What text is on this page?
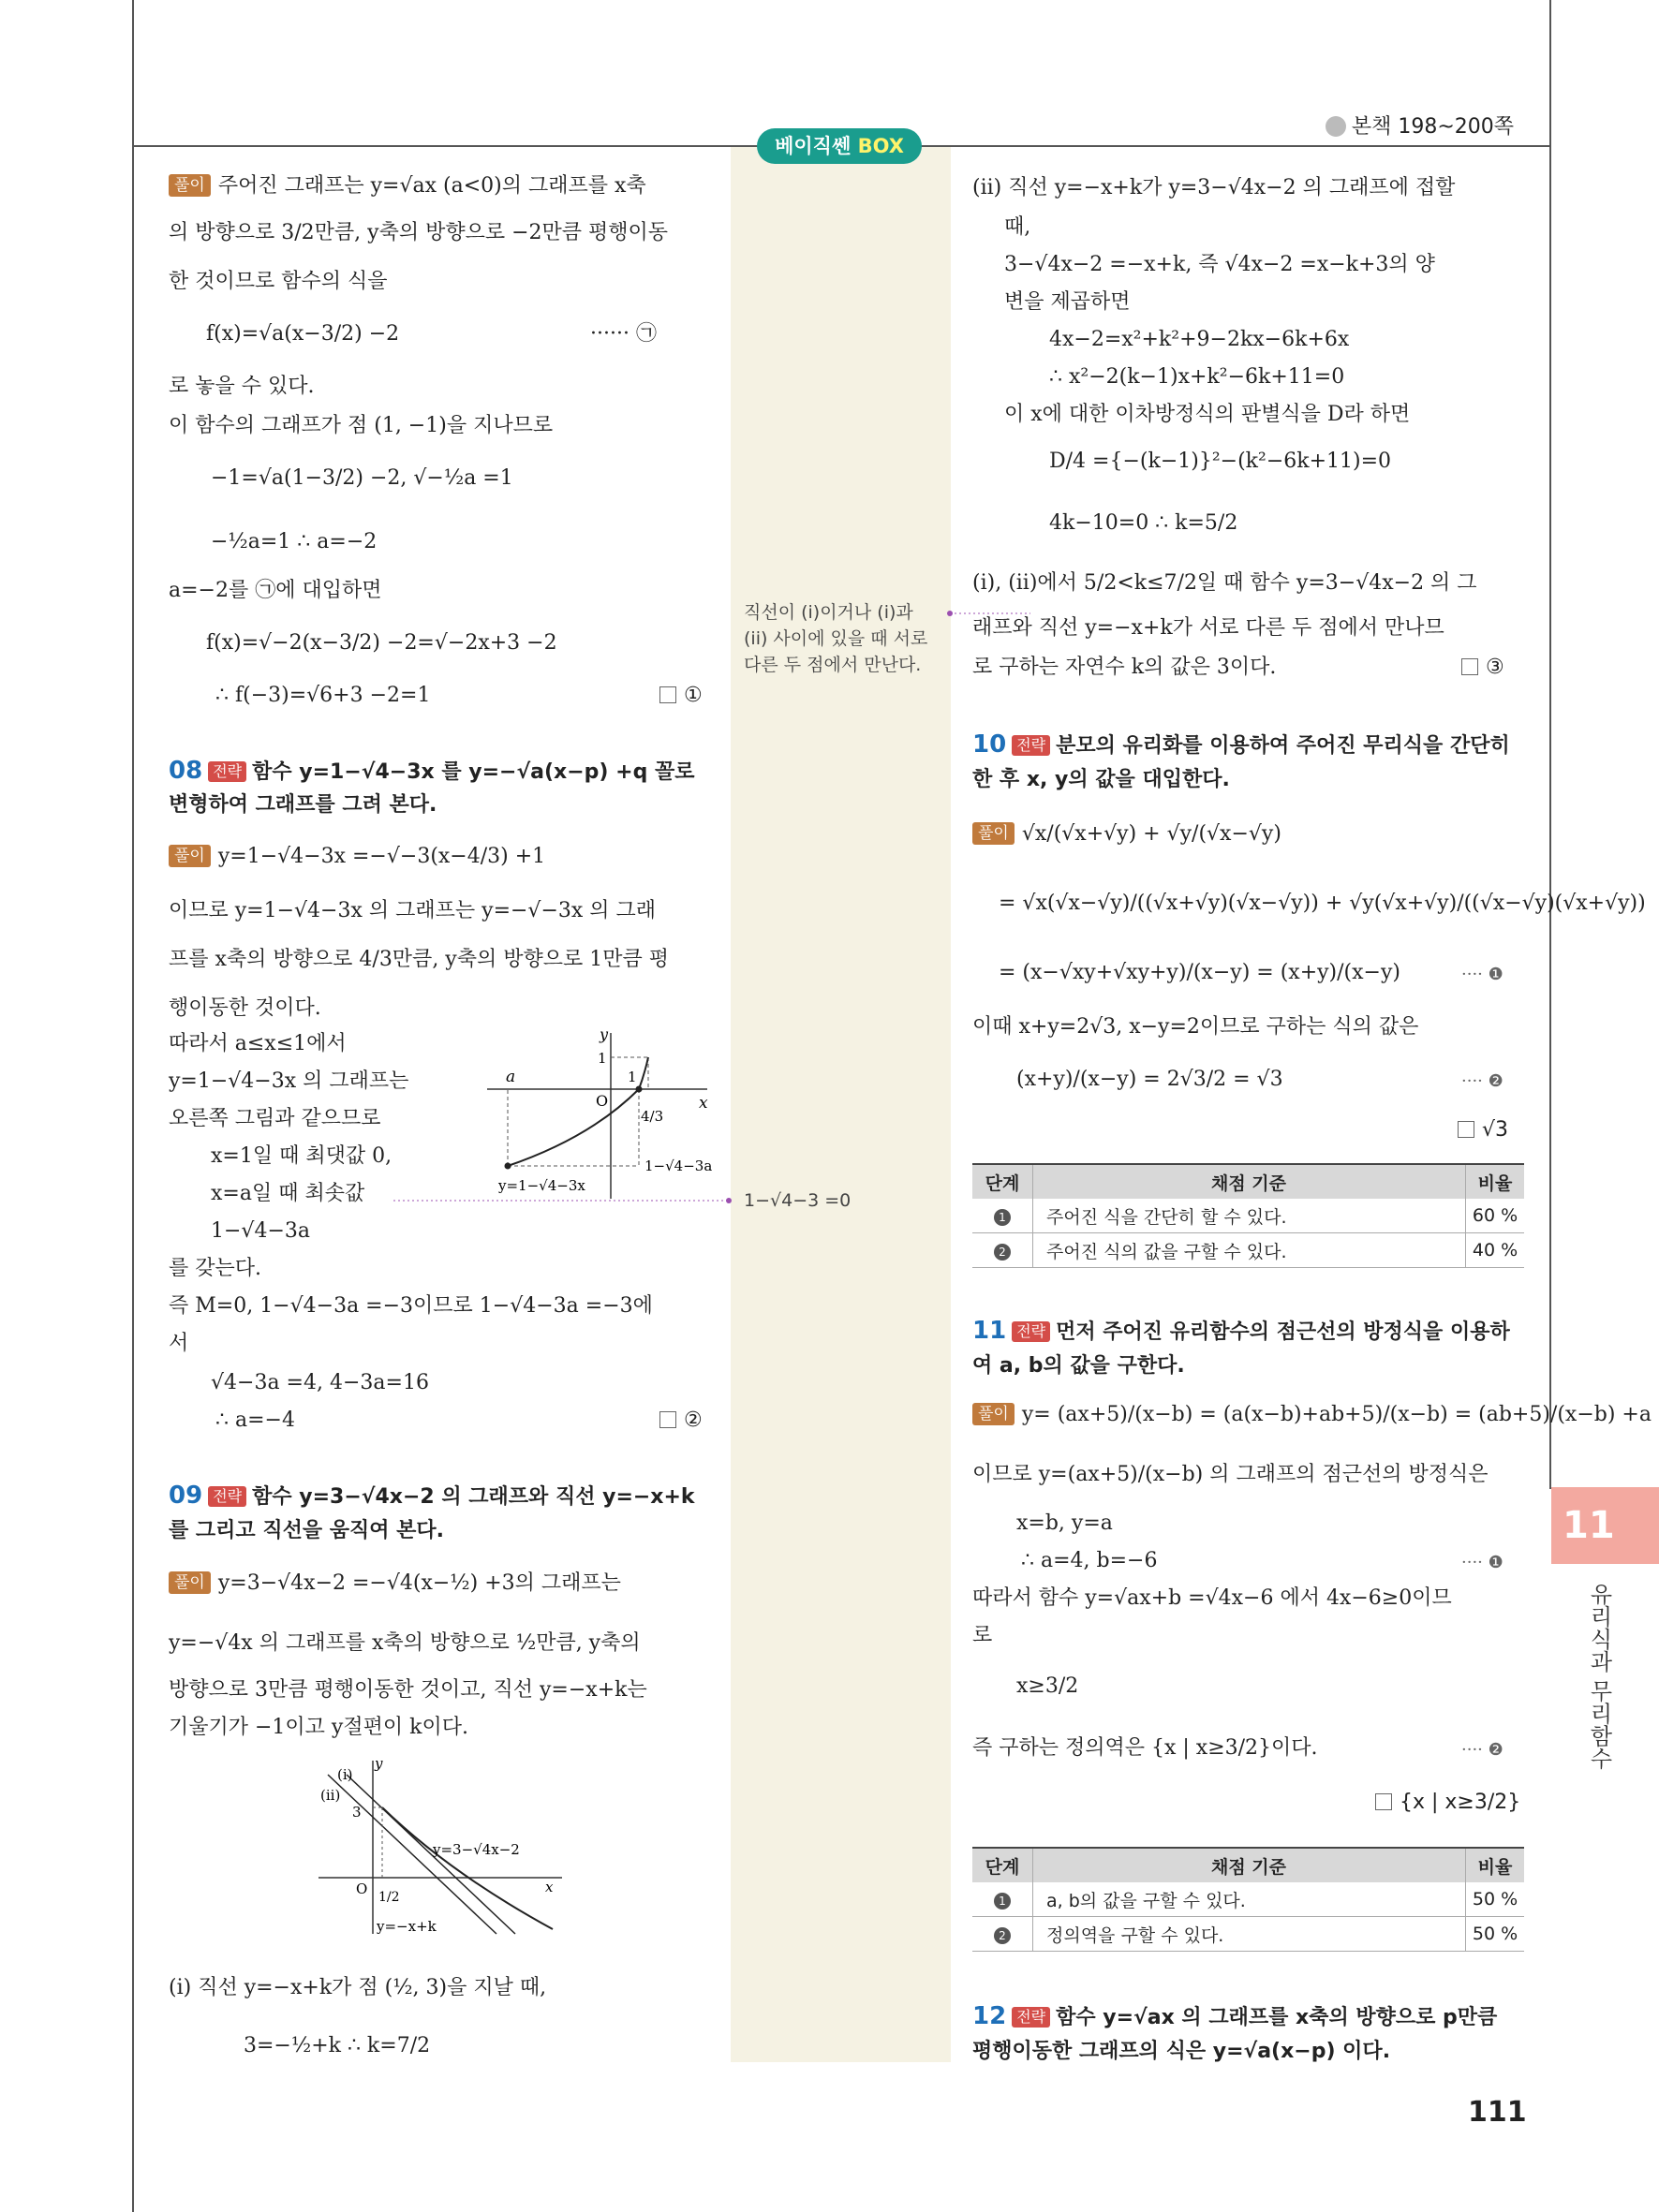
본책 198~200쪽
베이직쎈 BOX
풀이 주어진 그래프는 y=√ax (a<0)의 그래프를 x축
의 방향으로 3/2만큼, y축의 방향으로 −2만큼 평행이동
한 것이므로 함수의 식을
f(x)=√a(x−3/2) −2	······ ㉠
로 놓을 수 있다.
이 함수의 그래프가 점 (1, −1)을 지나므로
−1=√a(1−3/2) −2, √−½a =1
−½a=1 ∴ a=−2
a=−2를 ㉠에 대입하면
f(x)=√−2(x−3/2) −2=√−2x+3 −2
∴ f(−3)=√6+3 −2=1	①
08 전략 함수 y=1−√4−3x 를 y=−√a(x−p) +q 꼴로
변형하여 그래프를 그려 본다.
풀이 y=1−√4−3x =−√−3(x−4/3) +1
이므로 y=1−√4−3x 의 그래프는 y=−√−3x 의 그래
프를 x축의 방향으로 4/3만큼, y축의 방향으로 1만큼 평
행이동한 것이다.
따라서 a≤x≤1에서
y=1−√4−3x 의 그래프는
오른쪽 그림과 같으므로
x=1일 때 최댓값 0,
x=a일 때 최솟값
1−√4−3a
를 갖는다.
즉 M=0, 1−√4−3a =−3이므로 1−√4−3a =−3에
서
√4−3a =4, 4−3a=16
∴ a=−4	②
a
O	x
y
1
1
4/3
1−√4−3a
y=1−√4−3x
09 전략 함수 y=3−√4x−2 의 그래프와 직선 y=−x+k
를 그리고 직선을 움직여 본다.
풀이 y=3−√4x−2 =−√4(x−½) +3의 그래프는
y=−√4x 의 그래프를 x축의 방향으로 ½만큼, y축의
방향으로 3만큼 평행이동한 것이고, 직선 y=−x+k는
기울기가 −1이고 y절편이 k이다.
(i)
(ii)
y
3
O 1/2
x
y=3−√4x−2
y=−x+k
(i) 직선 y=−x+k가 점 (½, 3)을 지날 때,
3=−½+k ∴ k=7/2
직선이 (i)이거나 (i)과
(ii) 사이에 있을 때 서로
다른 두 점에서 만난다.
1−√4−3 =0
(ii) 직선 y=−x+k가 y=3−√4x−2 의 그래프에 접할
때,
3−√4x−2 =−x+k, 즉 √4x−2 =x−k+3의 양
변을 제곱하면
4x−2=x²+k²+9−2kx−6k+6x
∴ x²−2(k−1)x+k²−6k+11=0
이 x에 대한 이차방정식의 판별식을 D라 하면
D/4 ={−(k−1)}²−(k²−6k+11)=0
4k−10=0 ∴ k=5/2
(i), (ii)에서 5/2<k≤7/2일 때 함수 y=3−√4x−2 의 그
래프와 직선 y=−x+k가 서로 다른 두 점에서 만나므
로 구하는 자연수 k의 값은 3이다.	③
10 전략 분모의 유리화를 이용하여 주어진 무리식을 간단히
한 후 x, y의 값을 대입한다.
풀이 √x/(√x+√y) + √y/(√x−√y)
= √x(√x−√y)/((√x+√y)(√x−√y)) + √y(√x+√y)/((√x−√y)(√x+√y))
= (x−√xy+√xy+y)/(x−y) = (x+y)/(x−y)	···· ❶
이때 x+y=2√3, x−y=2이므로 구하는 식의 값은
(x+y)/(x−y) = 2√3/2 = √3	···· ❷
√3
단계	채점 기준	비율
1	주어진 식을 간단히 할 수 있다.	60 %
2	주어진 식의 값을 구할 수 있다.	40 %
11 전략 먼저 주어진 유리함수의 점근선의 방정식을 이용하
여 a, b의 값을 구한다.
풀이 y= (ax+5)/(x−b) = (a(x−b)+ab+5)/(x−b) = (ab+5)/(x−b) +a
이므로 y=(ax+5)/(x−b) 의 그래프의 점근선의 방정식은
x=b, y=a
∴ a=4, b=−6	···· ❶
따라서 함수 y=√ax+b =√4x−6 에서 4x−6≥0이므
로
x≥3/2
즉 구하는 정의역은 {x | x≥3/2}이다.	···· ❷
{x | x≥3/2}
단계	채점 기준	비율
1	a, b의 값을 구할 수 있다.	50 %
2	정의역을 구할 수 있다.	50 %
12 전략 함수 y=√ax 의 그래프를 x축의 방향으로 p만큼
평행이동한 그래프의 식은 y=√a(x−p) 이다.
11
유리식과 무리함수
111
